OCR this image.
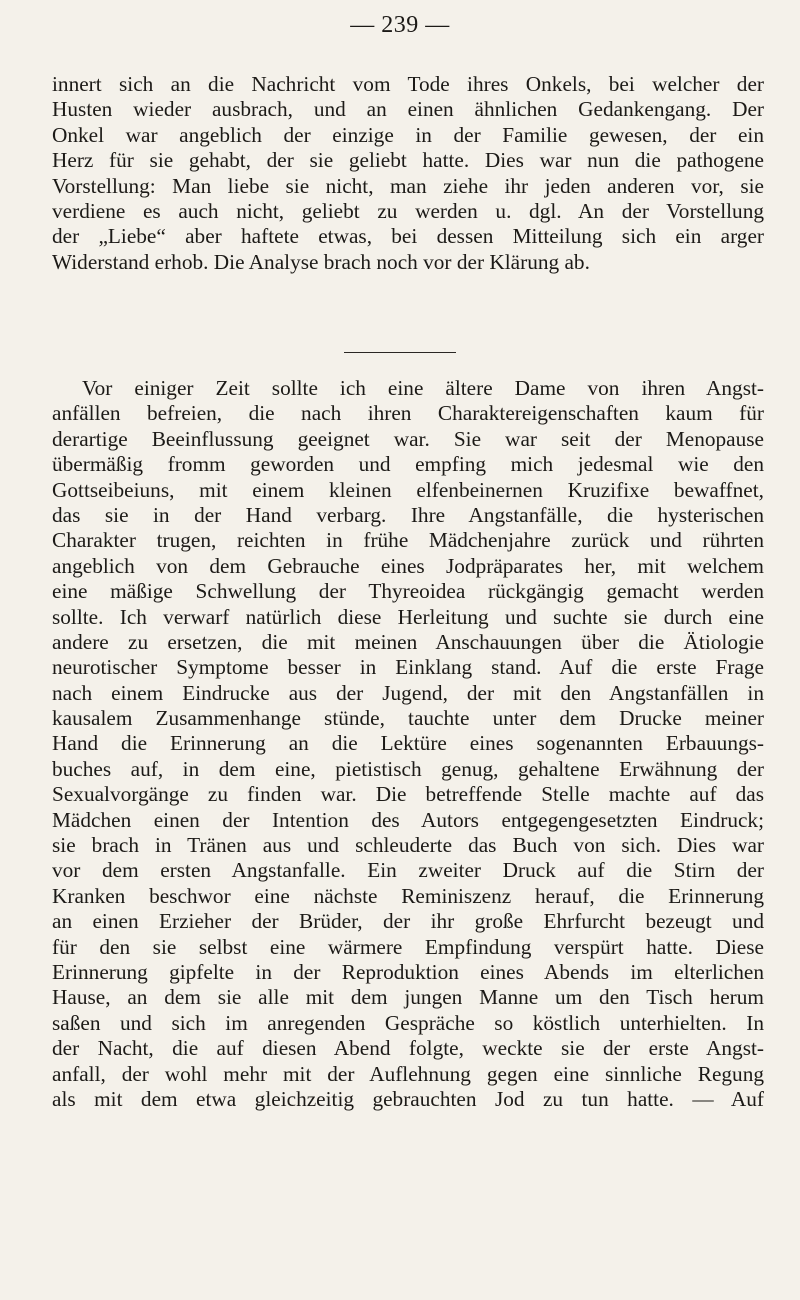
— 239 —
innert sich an die Nachricht vom Tode ihres Onkels, bei welcher der
Husten wieder ausbrach, und an einen ähnlichen Gedankengang. Der
Onkel war angeblich der einzige in der Familie gewesen, der ein
Herz für sie gehabt, der sie geliebt hatte. Dies war nun die pathogene
Vorstellung: Man liebe sie nicht, man ziehe ihr jeden anderen vor, sie
verdiene es auch nicht, geliebt zu werden u. dgl. An der Vorstellung
der „Liebe“ aber haftete etwas, bei dessen Mitteilung sich ein arger
Widerstand erhob. Die Analyse brach noch vor der Klärung ab.
Vor einiger Zeit sollte ich eine ältere Dame von ihren Angst-
anfällen befreien, die nach ihren Charaktereigenschaften kaum für
derartige Beeinflussung geeignet war. Sie war seit der Menopause
übermäßig fromm geworden und empfing mich jedesmal wie den
Gottseibeiuns, mit einem kleinen elfenbeinernen Kruzifixe bewaffnet,
das sie in der Hand verbarg. Ihre Angstanfälle, die hysterischen
Charakter trugen, reichten in frühe Mädchenjahre zurück und rührten
angeblich von dem Gebrauche eines Jodpräparates her, mit welchem
eine mäßige Schwellung der Thyreoidea rückgängig gemacht werden
sollte. Ich verwarf natürlich diese Herleitung und suchte sie durch eine
andere zu ersetzen, die mit meinen Anschauungen über die Ätiologie
neurotischer Symptome besser in Einklang stand. Auf die erste Frage
nach einem Eindrucke aus der Jugend, der mit den Angstanfällen in
kausalem Zusammenhange stünde, tauchte unter dem Drucke meiner
Hand die Erinnerung an die Lektüre eines sogenannten Erbauungs-
buches auf, in dem eine, pietistisch genug, gehaltene Erwähnung der
Sexualvorgänge zu finden war. Die betreffende Stelle machte auf das
Mädchen einen der Intention des Autors entgegengesetzten Eindruck;
sie brach in Tränen aus und schleuderte das Buch von sich. Dies war
vor dem ersten Angstanfalle. Ein zweiter Druck auf die Stirn der
Kranken beschwor eine nächste Reminiszenz herauf, die Erinnerung
an einen Erzieher der Brüder, der ihr große Ehrfurcht bezeugt und
für den sie selbst eine wärmere Empfindung verspürt hatte. Diese
Erinnerung gipfelte in der Reproduktion eines Abends im elterlichen
Hause, an dem sie alle mit dem jungen Manne um den Tisch herum
saßen und sich im anregenden Gespräche so köstlich unterhielten. In
der Nacht, die auf diesen Abend folgte, weckte sie der erste Angst-
anfall, der wohl mehr mit der Auflehnung gegen eine sinnliche Regung
als mit dem etwa gleichzeitig gebrauchten Jod zu tun hatte. — Auf
